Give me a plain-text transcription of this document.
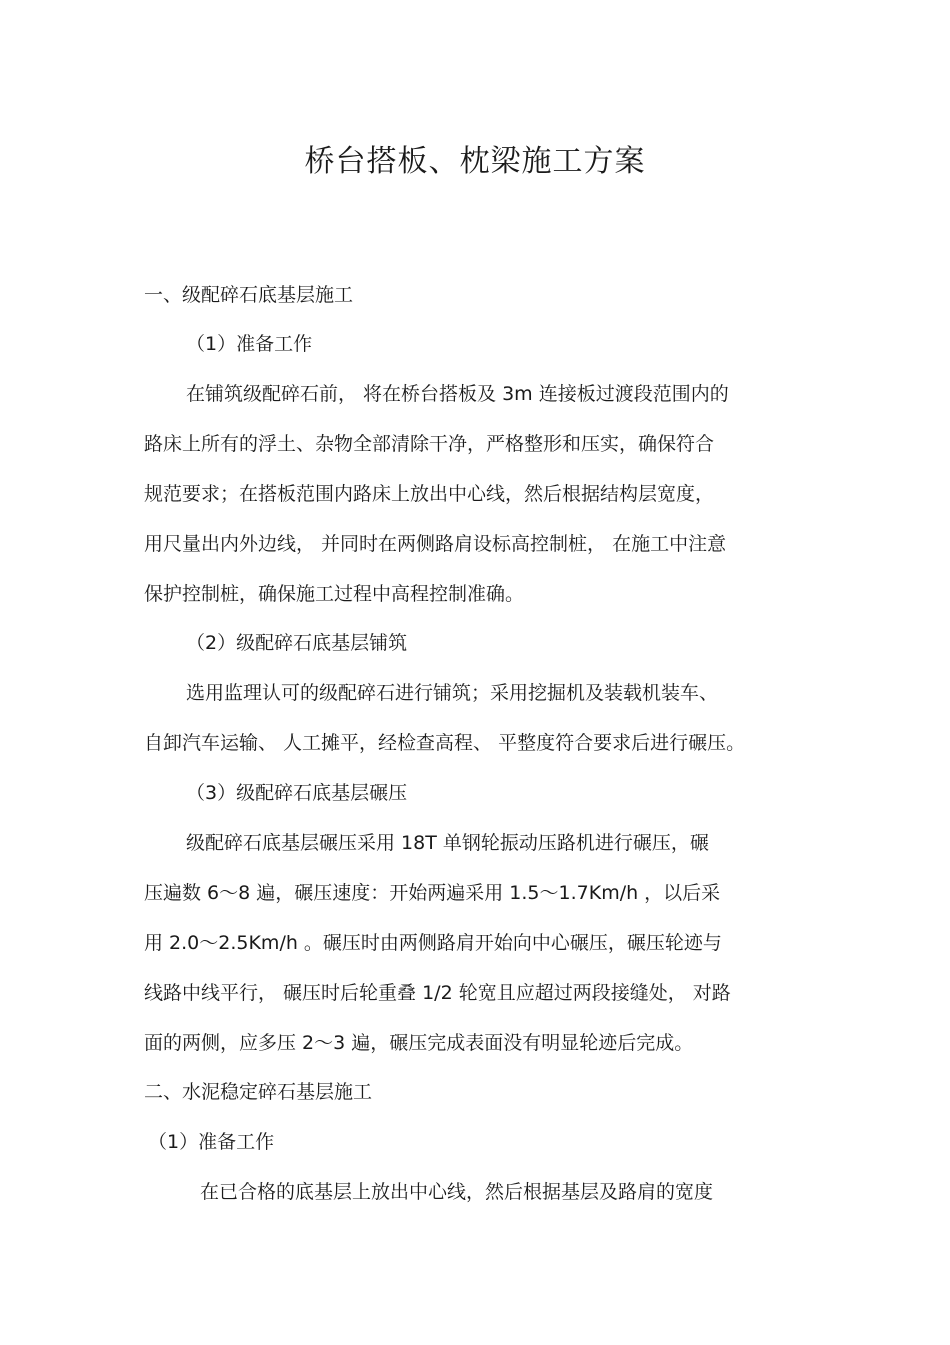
桥台搭板、枕梁施工方案
一、级配碎石底基层施工
（1）准备工作
在铺筑级配碎石前， 将在桥台搭板及 3m 连接板过渡段范围内的
路床上所有的浮土、杂物全部清除干净，严格整形和压实，确保符合
规范要求；在搭板范围内路床上放出中心线，然后根据结构层宽度，
用尺量出内外边线， 并同时在两侧路肩设标高控制桩， 在施工中注意
保护控制桩，确保施工过程中高程控制准确。
（2）级配碎石底基层铺筑
选用监理认可的级配碎石进行铺筑；采用挖掘机及装载机装车、
自卸汽车运输、 人工摊平，经检查高程、 平整度符合要求后进行碾压。
（3）级配碎石底基层碾压
级配碎石底基层碾压采用 18T 单钢轮振动压路机进行碾压，碾
压遍数 6～8 遍，碾压速度：开始两遍采用 1.5～1.7Km/h ，以后采
用 2.0～2.5Km/h 。碾压时由两侧路肩开始向中心碾压，碾压轮迹与
线路中线平行， 碾压时后轮重叠 1/2 轮宽且应超过两段接缝处， 对路
面的两侧，应多压 2～3 遍，碾压完成表面没有明显轮迹后完成。
二、水泥稳定碎石基层施工
（1）准备工作
在已合格的底基层上放出中心线，然后根据基层及路肩的宽度
